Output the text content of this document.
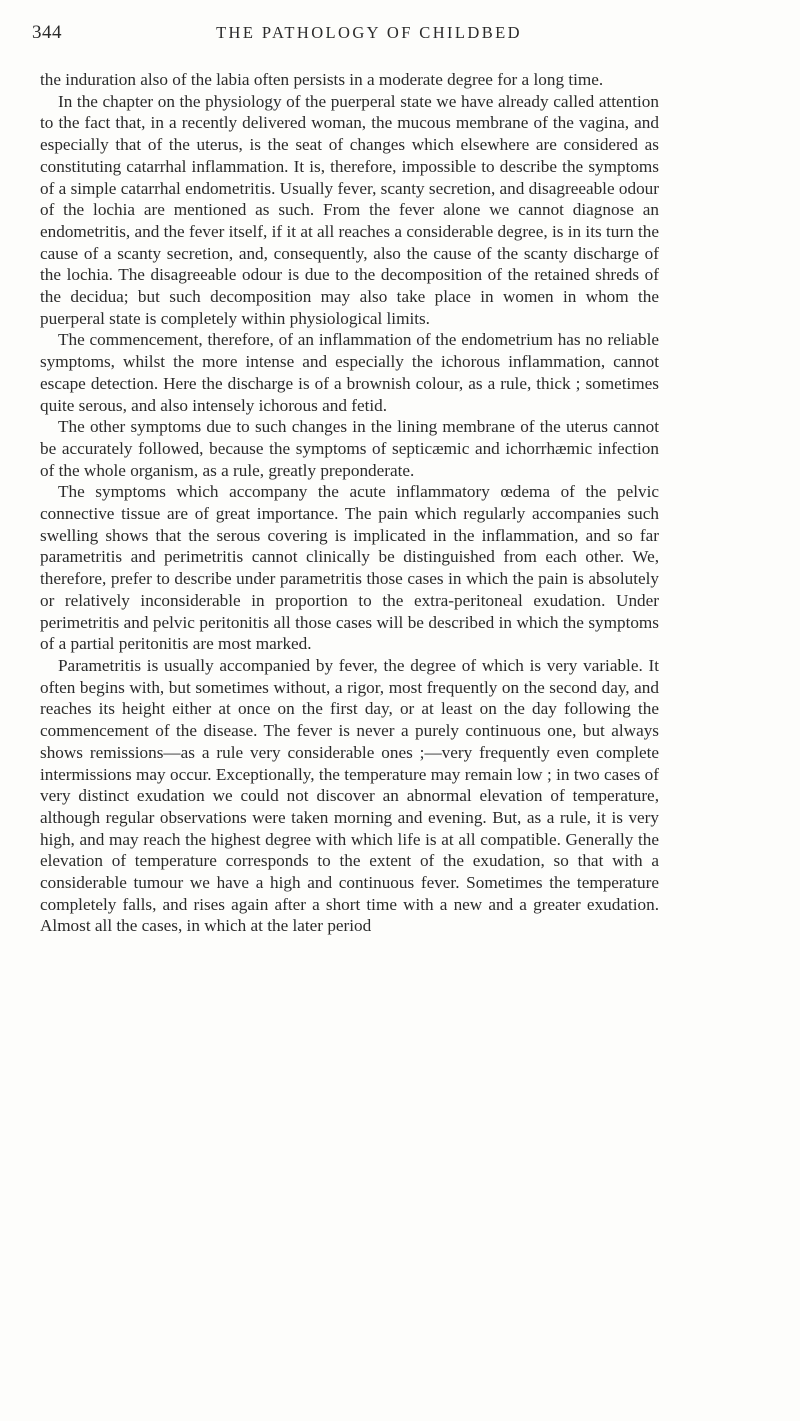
344	THE PATHOLOGY OF CHILDBED

the induration also of the labia often persists in a moderate degree for a long time.

In the chapter on the physiology of the puerperal state we have already called attention to the fact that, in a recently delivered woman, the mucous membrane of the vagina, and especially that of the uterus, is the seat of changes which elsewhere are considered as constituting catarrhal inflammation. It is, therefore, impossible to describe the symptoms of a simple catarrhal endometritis. Usually fever, scanty secretion, and disagreeable odour of the lochia are mentioned as such. From the fever alone we cannot diagnose an endometritis, and the fever itself, if it at all reaches a considerable degree, is in its turn the cause of a scanty secretion, and, consequently, also the cause of the scanty discharge of the lochia. The disagreeable odour is due to the decomposition of the retained shreds of the decidua; but such decomposition may also take place in women in whom the puerperal state is completely within physiological limits.

The commencement, therefore, of an inflammation of the endometrium has no reliable symptoms, whilst the more intense and especially the ichorous inflammation, cannot escape detection. Here the discharge is of a brownish colour, as a rule, thick ; sometimes quite serous, and also intensely ichorous and fetid.

The other symptoms due to such changes in the lining membrane of the uterus cannot be accurately followed, because the symptoms of septicæmic and ichorrhæmic infection of the whole organism, as a rule, greatly preponderate.

The symptoms which accompany the acute inflammatory œdema of the pelvic connective tissue are of great importance. The pain which regularly accompanies such swelling shows that the serous covering is implicated in the inflammation, and so far parametritis and perimetritis cannot clinically be distinguished from each other. We, therefore, prefer to describe under parametritis those cases in which the pain is absolutely or relatively inconsiderable in proportion to the extra-peritoneal exudation. Under perimetritis and pelvic peritonitis all those cases will be described in which the symptoms of a partial peritonitis are most marked.

Parametritis is usually accompanied by fever, the degree of which is very variable. It often begins with, but sometimes without, a rigor, most frequently on the second day, and reaches its height either at once on the first day, or at least on the day following the commencement of the disease. The fever is never a purely continuous one, but always shows remissions—as a rule very considerable ones ;—very frequently even complete intermissions may occur. Exceptionally, the temperature may remain low ; in two cases of very distinct exudation we could not discover an abnormal elevation of temperature, although regular observations were taken morning and evening. But, as a rule, it is very high, and may reach the highest degree with which life is at all compatible. Generally the elevation of temperature corresponds to the extent of the exudation, so that with a considerable tumour we have a high and continuous fever. Sometimes the temperature completely falls, and rises again after a short time with a new and a greater exudation. Almost all the cases, in which at the later period
